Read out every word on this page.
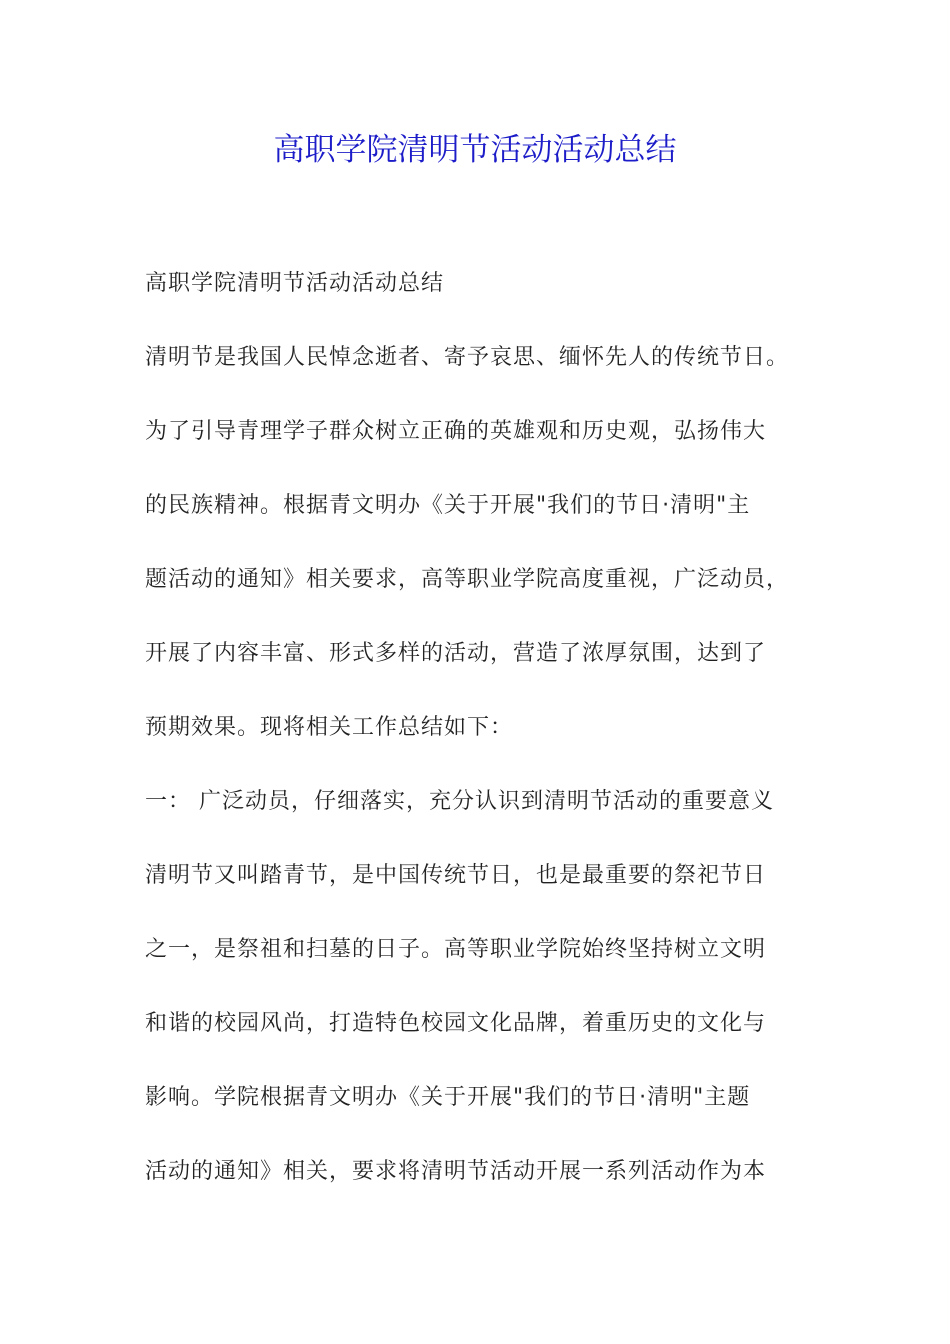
高职学院清明节活动活动总结
高职学院清明节活动活动总结
清明节是我国人民悼念逝者、寄予哀思、缅怀先人的传统节日。
为了引导青理学子群众树立正确的英雄观和历史观，弘扬伟大
的民族精神。根据青文明办《关于开展"我们的节日·清明"主
题活动的通知》相关要求，高等职业学院高度重视，广泛动员，
开展了内容丰富、形式多样的活动，营造了浓厚氛围，达到了
预期效果。现将相关工作总结如下：
一： 广泛动员，仔细落实，充分认识到清明节活动的重要意义
清明节又叫踏青节，是中国传统节日，也是最重要的祭祀节日
之一，是祭祖和扫墓的日子。高等职业学院始终坚持树立文明
和谐的校园风尚，打造特色校园文化品牌，着重历史的文化与
影响。学院根据青文明办《关于开展"我们的节日·清明"主题
活动的通知》相关，要求将清明节活动开展一系列活动作为本
